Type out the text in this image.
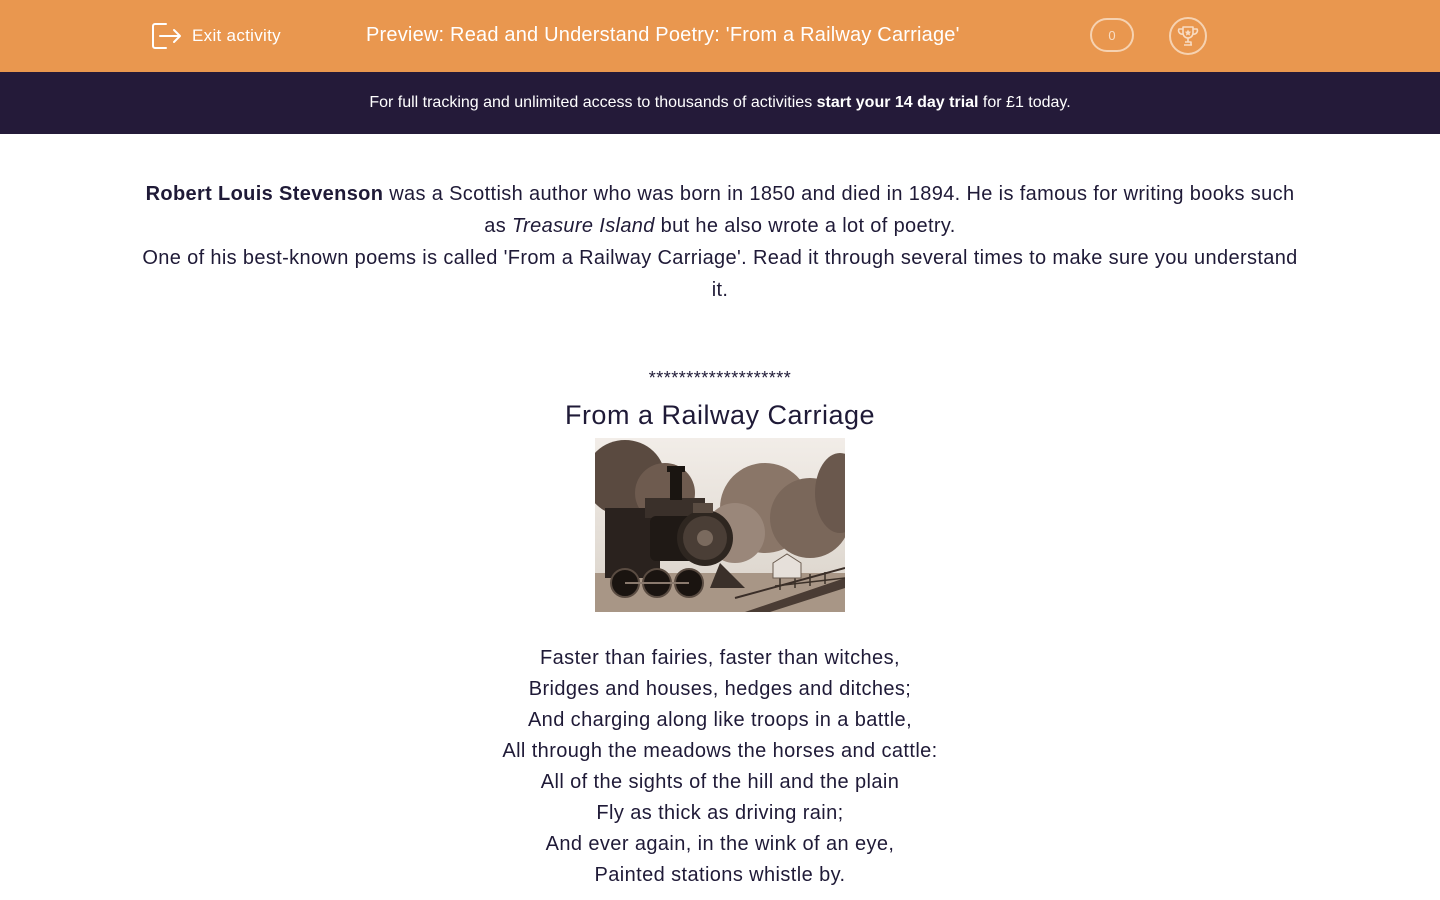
Exit activity	Preview: Read and Understand Poetry: 'From a Railway Carriage'	0
For full tracking and unlimited access to thousands of activities start your 14 day trial for £1 today.

Robert Louis Stevenson was a Scottish author who was born in 1850 and died in 1894. He is famous for writing books such as Treasure Island but he also wrote a lot of poetry.

One of his best-known poems is called 'From a Railway Carriage'. Read it through several times to make sure you understand it.

*******************
From a Railway Carriage
Faster than fairies, faster than witches,
Bridges and houses, hedges and ditches;
And charging along like troops in a battle,
All through the meadows the horses and cattle:
All of the sights of the hill and the plain
Fly as thick as driving rain;
And ever again, in the wink of an eye,
Painted stations whistle by.
